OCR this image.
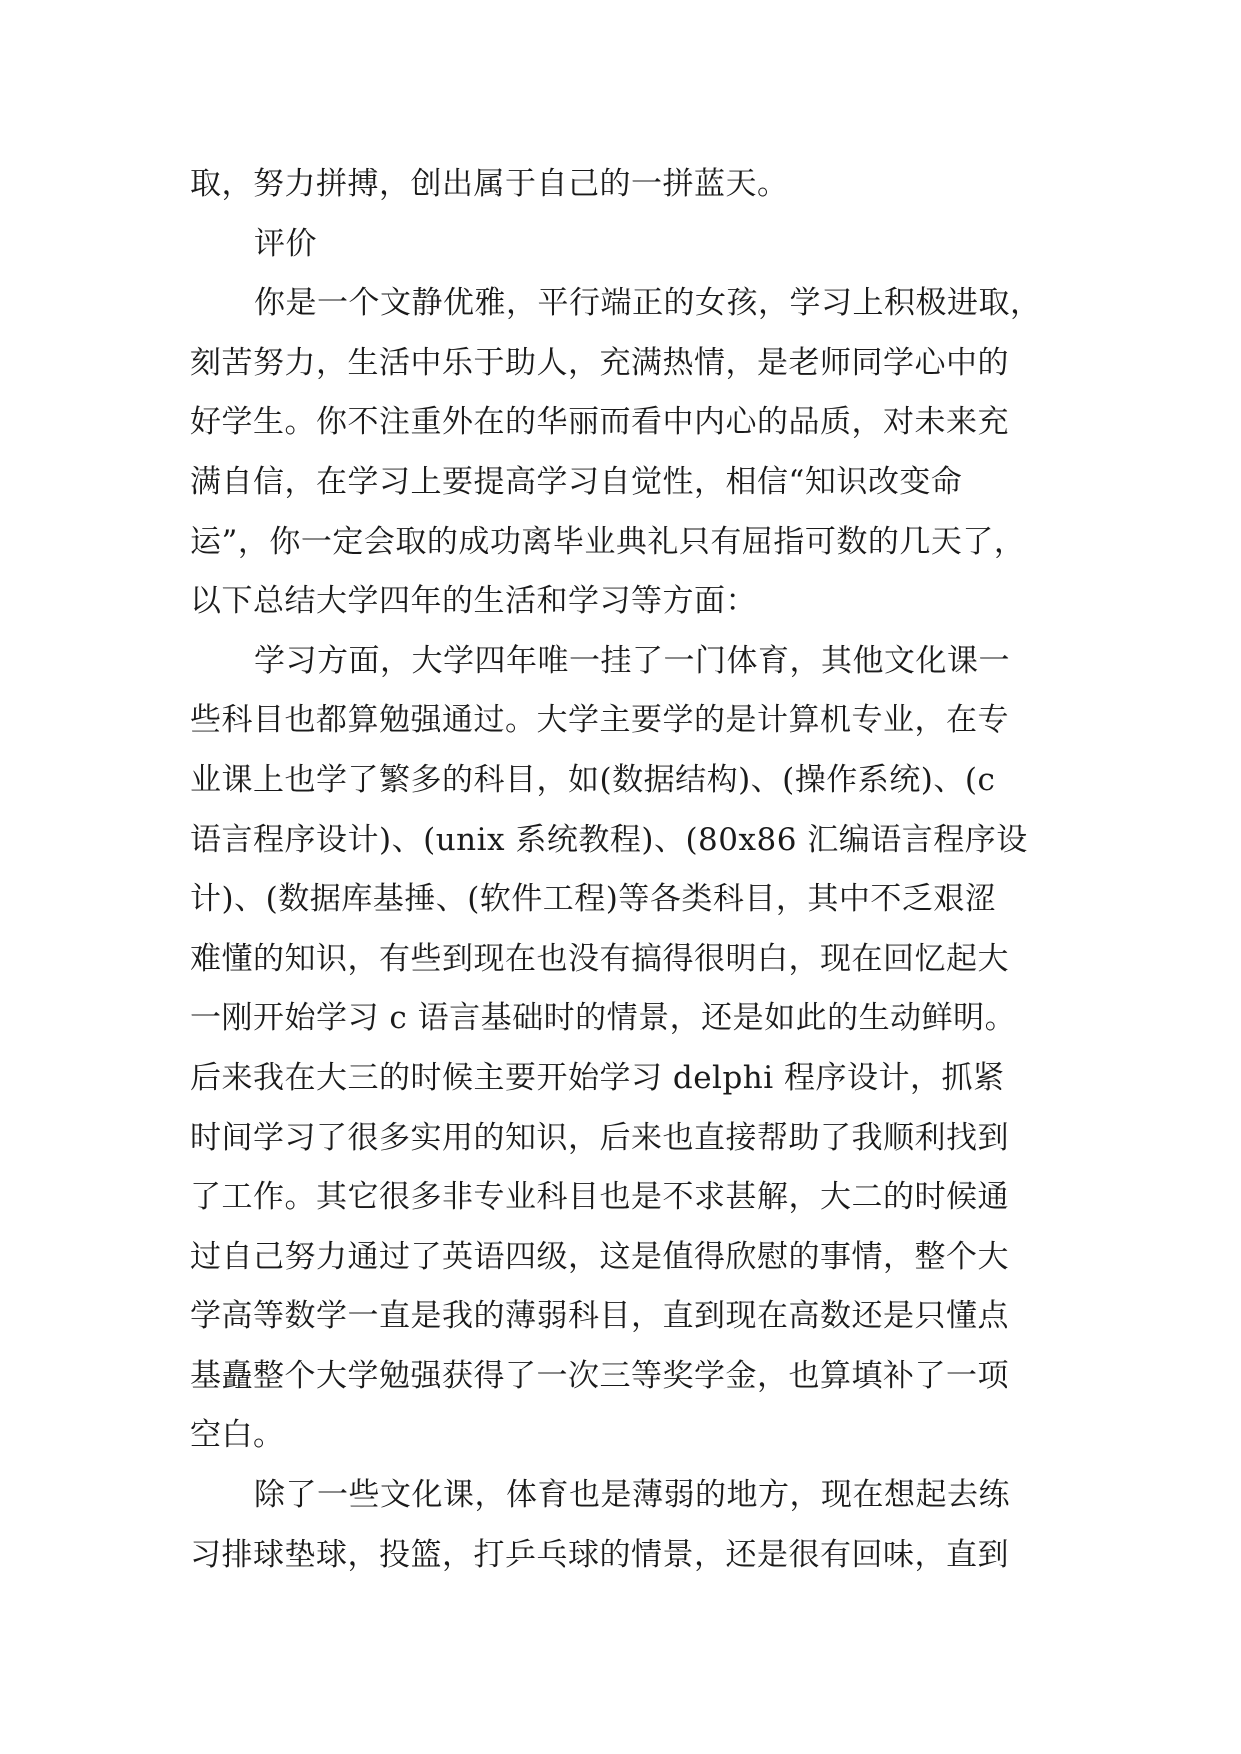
取，努力拼搏，创出属于自己的一拼蓝天。
评价
你是一个文静优雅，平行端正的女孩，学习上积极进取，
刻苦努力，生活中乐于助人，充满热情，是老师同学心中的
好学生。你不注重外在的华丽而看中内心的品质，对未来充
满自信，在学习上要提高学习自觉性，相信“知识改变命
运”，你一定会取的成功离毕业典礼只有屈指可数的几天了，
以下总结大学四年的生活和学习等方面：
学习方面，大学四年唯一挂了一门体育，其他文化课一
些科目也都算勉强通过。大学主要学的是计算机专业，在专
业课上也学了繁多的科目，如(数据结构)、(操作系统)、(c
语言程序设计)、(unix 系统教程)、(80x86 汇编语言程序设
计)、(数据库基捶、(软件工程)等各类科目，其中不乏艰涩
难懂的知识，有些到现在也没有搞得很明白，现在回忆起大
一刚开始学习 c 语言基础时的情景，还是如此的生动鲜明。
后来我在大三的时候主要开始学习 delphi 程序设计，抓紧
时间学习了很多实用的知识，后来也直接帮助了我顺利找到
了工作。其它很多非专业科目也是不求甚解，大二的时候通
过自己努力通过了英语四级，这是值得欣慰的事情，整个大
学高等数学一直是我的薄弱科目，直到现在高数还是只懂点
基矗整个大学勉强获得了一次三等奖学金，也算填补了一项
空白。
除了一些文化课，体育也是薄弱的地方，现在想起去练
习排球垫球，投篮，打乒乓球的情景，还是很有回味，直到
